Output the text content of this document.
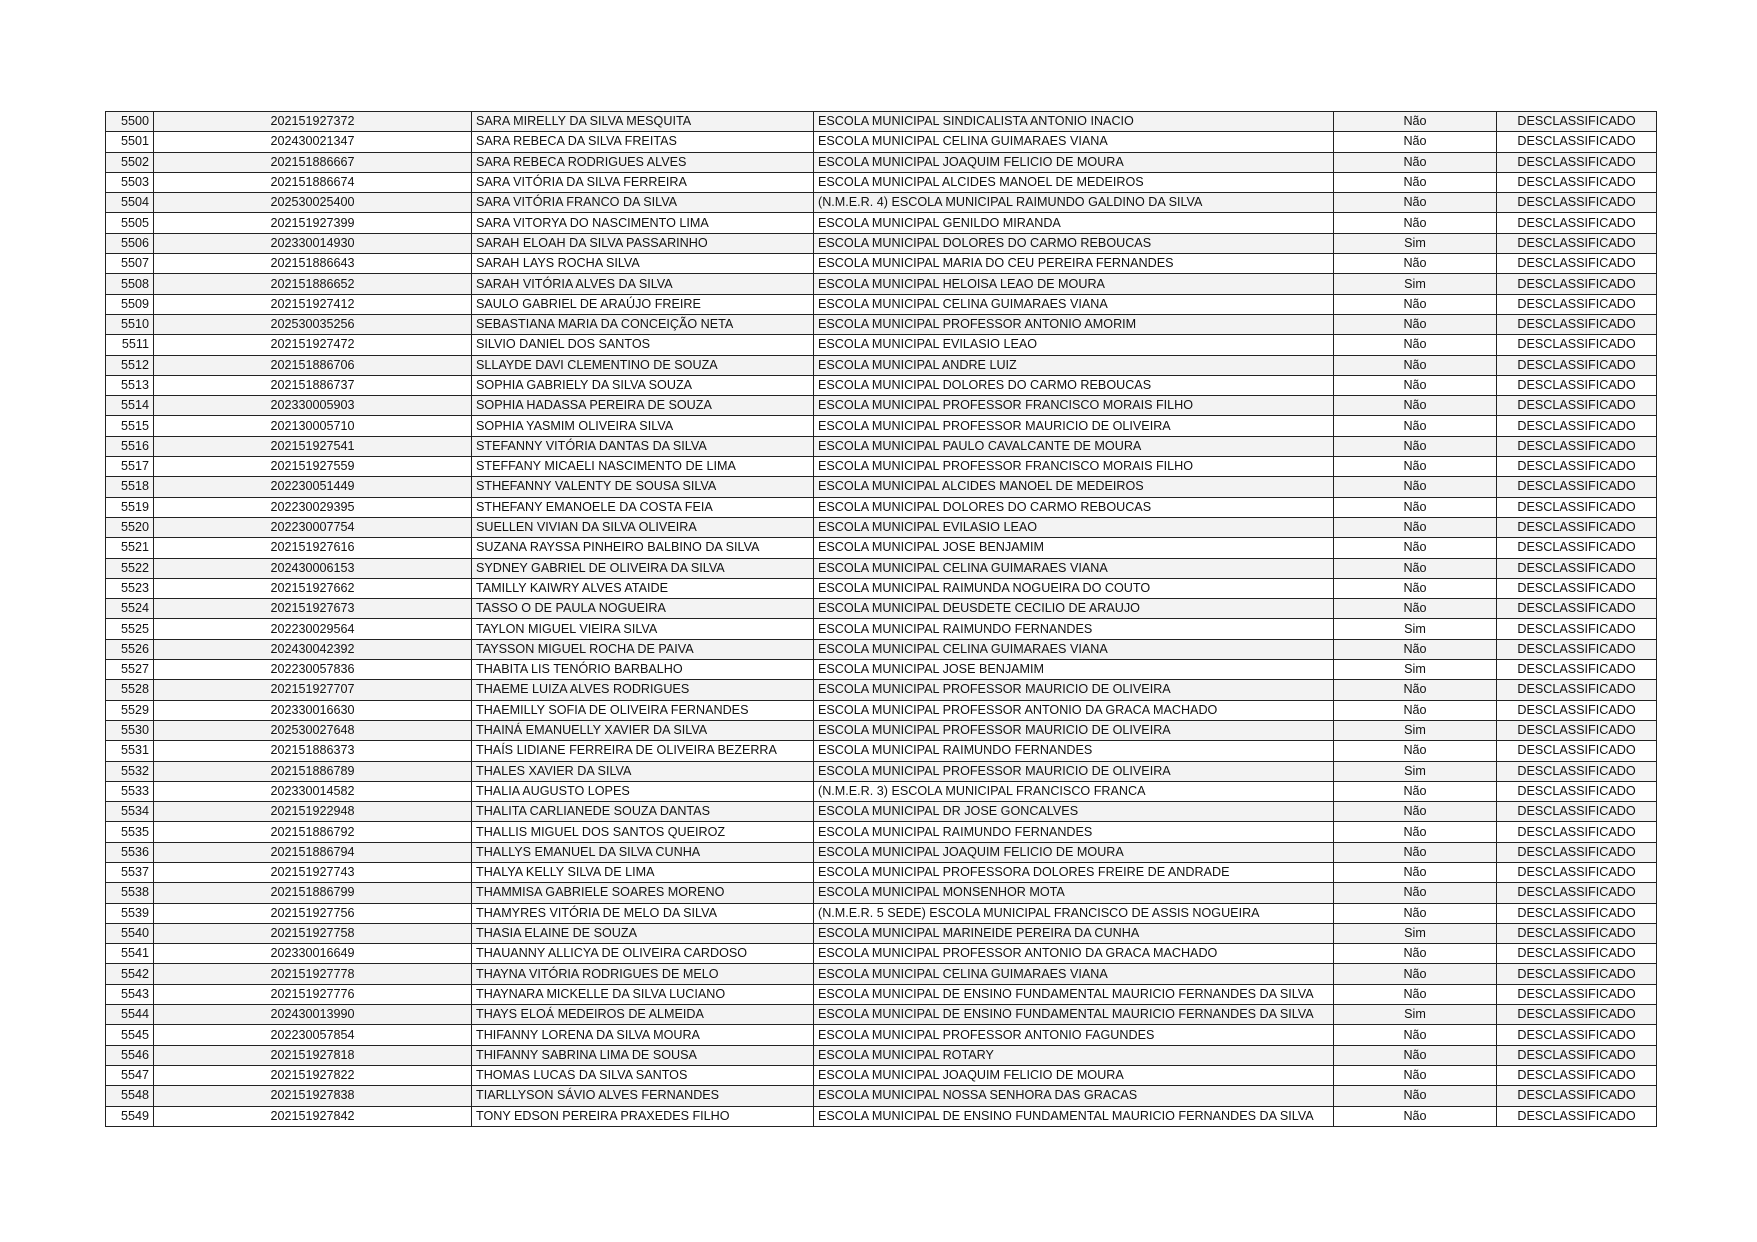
5500	202151927372	SARA MIRELLY DA SILVA MESQUITA	ESCOLA MUNICIPAL SINDICALISTA ANTONIO INACIO	Não	DESCLASSIFICADO
5501	202430021347	SARA REBECA DA SILVA FREITAS	ESCOLA MUNICIPAL CELINA GUIMARAES VIANA	Não	DESCLASSIFICADO
5502	202151886667	SARA REBECA RODRIGUES ALVES	ESCOLA MUNICIPAL JOAQUIM FELICIO DE MOURA	Não	DESCLASSIFICADO
5503	202151886674	SARA VITÓRIA DA SILVA FERREIRA	ESCOLA MUNICIPAL ALCIDES MANOEL DE MEDEIROS	Não	DESCLASSIFICADO
5504	202530025400	SARA VITÓRIA FRANCO DA SILVA	(N.M.E.R. 4) ESCOLA MUNICIPAL RAIMUNDO GALDINO DA SILVA	Não	DESCLASSIFICADO
5505	202151927399	SARA VITORYA DO NASCIMENTO LIMA	ESCOLA MUNICIPAL GENILDO MIRANDA	Não	DESCLASSIFICADO
5506	202330014930	SARAH ELOAH DA SILVA PASSARINHO	ESCOLA MUNICIPAL DOLORES DO CARMO REBOUCAS	Sim	DESCLASSIFICADO
5507	202151886643	SARAH LAYS ROCHA SILVA	ESCOLA MUNICIPAL MARIA DO CEU PEREIRA FERNANDES	Não	DESCLASSIFICADO
5508	202151886652	SARAH VITÓRIA ALVES DA SILVA	ESCOLA MUNICIPAL HELOISA LEAO DE MOURA	Sim	DESCLASSIFICADO
5509	202151927412	SAULO GABRIEL DE ARAÚJO FREIRE	ESCOLA MUNICIPAL CELINA GUIMARAES VIANA	Não	DESCLASSIFICADO
5510	202530035256	SEBASTIANA MARIA DA CONCEIÇÃO NETA	ESCOLA MUNICIPAL PROFESSOR ANTONIO AMORIM	Não	DESCLASSIFICADO
5511	202151927472	SILVIO DANIEL DOS SANTOS	ESCOLA MUNICIPAL EVILASIO LEAO	Não	DESCLASSIFICADO
5512	202151886706	SLLAYDE DAVI CLEMENTINO DE SOUZA	ESCOLA MUNICIPAL ANDRE LUIZ	Não	DESCLASSIFICADO
5513	202151886737	SOPHIA GABRIELY DA SILVA SOUZA	ESCOLA MUNICIPAL DOLORES DO CARMO REBOUCAS	Não	DESCLASSIFICADO
5514	202330005903	SOPHIA HADASSA PEREIRA DE SOUZA	ESCOLA MUNICIPAL PROFESSOR FRANCISCO MORAIS FILHO	Não	DESCLASSIFICADO
5515	202130005710	SOPHIA YASMIM OLIVEIRA SILVA	ESCOLA MUNICIPAL PROFESSOR MAURICIO DE OLIVEIRA	Não	DESCLASSIFICADO
5516	202151927541	STEFANNY VITÓRIA DANTAS DA SILVA	ESCOLA MUNICIPAL PAULO CAVALCANTE DE MOURA	Não	DESCLASSIFICADO
5517	202151927559	STEFFANY MICAELI NASCIMENTO DE LIMA	ESCOLA MUNICIPAL PROFESSOR FRANCISCO MORAIS FILHO	Não	DESCLASSIFICADO
5518	202230051449	STHEFANNY VALENTY DE SOUSA SILVA	ESCOLA MUNICIPAL ALCIDES MANOEL DE MEDEIROS	Não	DESCLASSIFICADO
5519	202230029395	STHEFANY EMANOELE DA COSTA FEIA	ESCOLA MUNICIPAL DOLORES DO CARMO REBOUCAS	Não	DESCLASSIFICADO
5520	202230007754	SUELLEN VIVIAN DA SILVA OLIVEIRA	ESCOLA MUNICIPAL EVILASIO LEAO	Não	DESCLASSIFICADO
5521	202151927616	SUZANA RAYSSA PINHEIRO BALBINO DA SILVA	ESCOLA MUNICIPAL JOSE BENJAMIM	Não	DESCLASSIFICADO
5522	202430006153	SYDNEY GABRIEL DE OLIVEIRA DA SILVA	ESCOLA MUNICIPAL CELINA GUIMARAES VIANA	Não	DESCLASSIFICADO
5523	202151927662	TAMILLY KAIWRY ALVES ATAIDE	ESCOLA MUNICIPAL RAIMUNDA NOGUEIRA DO COUTO	Não	DESCLASSIFICADO
5524	202151927673	TASSO O DE PAULA NOGUEIRA	ESCOLA MUNICIPAL DEUSDETE CECILIO DE ARAUJO	Não	DESCLASSIFICADO
5525	202230029564	TAYLON MIGUEL VIEIRA SILVA	ESCOLA MUNICIPAL RAIMUNDO FERNANDES	Sim	DESCLASSIFICADO
5526	202430042392	TAYSSON MIGUEL ROCHA DE PAIVA	ESCOLA MUNICIPAL CELINA GUIMARAES VIANA	Não	DESCLASSIFICADO
5527	202230057836	THABITA LIS TENÓRIO BARBALHO	ESCOLA MUNICIPAL JOSE BENJAMIM	Sim	DESCLASSIFICADO
5528	202151927707	THAEME LUIZA ALVES RODRIGUES	ESCOLA MUNICIPAL PROFESSOR MAURICIO DE OLIVEIRA	Não	DESCLASSIFICADO
5529	202330016630	THAEMILLY SOFIA DE OLIVEIRA FERNANDES	ESCOLA MUNICIPAL PROFESSOR ANTONIO DA GRACA MACHADO	Não	DESCLASSIFICADO
5530	202530027648	THAINÁ EMANUELLY XAVIER DA SILVA	ESCOLA MUNICIPAL PROFESSOR MAURICIO DE OLIVEIRA	Sim	DESCLASSIFICADO
5531	202151886373	THAÍS LIDIANE FERREIRA DE OLIVEIRA BEZERRA	ESCOLA MUNICIPAL RAIMUNDO FERNANDES	Não	DESCLASSIFICADO
5532	202151886789	THALES XAVIER DA SILVA	ESCOLA MUNICIPAL PROFESSOR MAURICIO DE OLIVEIRA	Sim	DESCLASSIFICADO
5533	202330014582	THALIA AUGUSTO LOPES	(N.M.E.R. 3) ESCOLA MUNICIPAL FRANCISCO FRANCA	Não	DESCLASSIFICADO
5534	202151922948	THALITA CARLIANEDE SOUZA DANTAS	ESCOLA MUNICIPAL DR JOSE GONCALVES	Não	DESCLASSIFICADO
5535	202151886792	THALLIS MIGUEL DOS SANTOS QUEIROZ	ESCOLA MUNICIPAL RAIMUNDO FERNANDES	Não	DESCLASSIFICADO
5536	202151886794	THALLYS EMANUEL DA SILVA CUNHA	ESCOLA MUNICIPAL JOAQUIM FELICIO DE MOURA	Não	DESCLASSIFICADO
5537	202151927743	THALYA KELLY SILVA DE LIMA	ESCOLA MUNICIPAL PROFESSORA DOLORES FREIRE DE ANDRADE	Não	DESCLASSIFICADO
5538	202151886799	THAMMISA GABRIELE SOARES MORENO	ESCOLA MUNICIPAL MONSENHOR MOTA	Não	DESCLASSIFICADO
5539	202151927756	THAMYRES VITÓRIA DE MELO DA SILVA	(N.M.E.R. 5 SEDE) ESCOLA MUNICIPAL FRANCISCO DE ASSIS NOGUEIRA	Não	DESCLASSIFICADO
5540	202151927758	THASIA ELAINE DE SOUZA	ESCOLA MUNICIPAL MARINEIDE PEREIRA DA CUNHA	Sim	DESCLASSIFICADO
5541	202330016649	THAUANNY ALLICYA DE OLIVEIRA CARDOSO	ESCOLA MUNICIPAL PROFESSOR ANTONIO DA GRACA MACHADO	Não	DESCLASSIFICADO
5542	202151927778	THAYNA VITÓRIA RODRIGUES DE MELO	ESCOLA MUNICIPAL CELINA GUIMARAES VIANA	Não	DESCLASSIFICADO
5543	202151927776	THAYNARA MICKELLE DA SILVA LUCIANO	ESCOLA MUNICIPAL DE ENSINO FUNDAMENTAL MAURICIO FERNANDES DA SILVA	Não	DESCLASSIFICADO
5544	202430013990	THAYS ELOÁ MEDEIROS DE ALMEIDA	ESCOLA MUNICIPAL DE ENSINO FUNDAMENTAL MAURICIO FERNANDES DA SILVA	Sim	DESCLASSIFICADO
5545	202230057854	THIFANNY LORENA DA SILVA MOURA	ESCOLA MUNICIPAL PROFESSOR ANTONIO FAGUNDES	Não	DESCLASSIFICADO
5546	202151927818	THIFANNY SABRINA LIMA DE SOUSA	ESCOLA MUNICIPAL ROTARY	Não	DESCLASSIFICADO
5547	202151927822	THOMAS LUCAS DA SILVA SANTOS	ESCOLA MUNICIPAL JOAQUIM FELICIO DE MOURA	Não	DESCLASSIFICADO
5548	202151927838	TIARLLYSON SÁVIO ALVES FERNANDES	ESCOLA MUNICIPAL NOSSA SENHORA DAS GRACAS	Não	DESCLASSIFICADO
5549	202151927842	TONY EDSON PEREIRA PRAXEDES FILHO	ESCOLA MUNICIPAL DE ENSINO FUNDAMENTAL MAURICIO FERNANDES DA SILVA	Não	DESCLASSIFICADO
